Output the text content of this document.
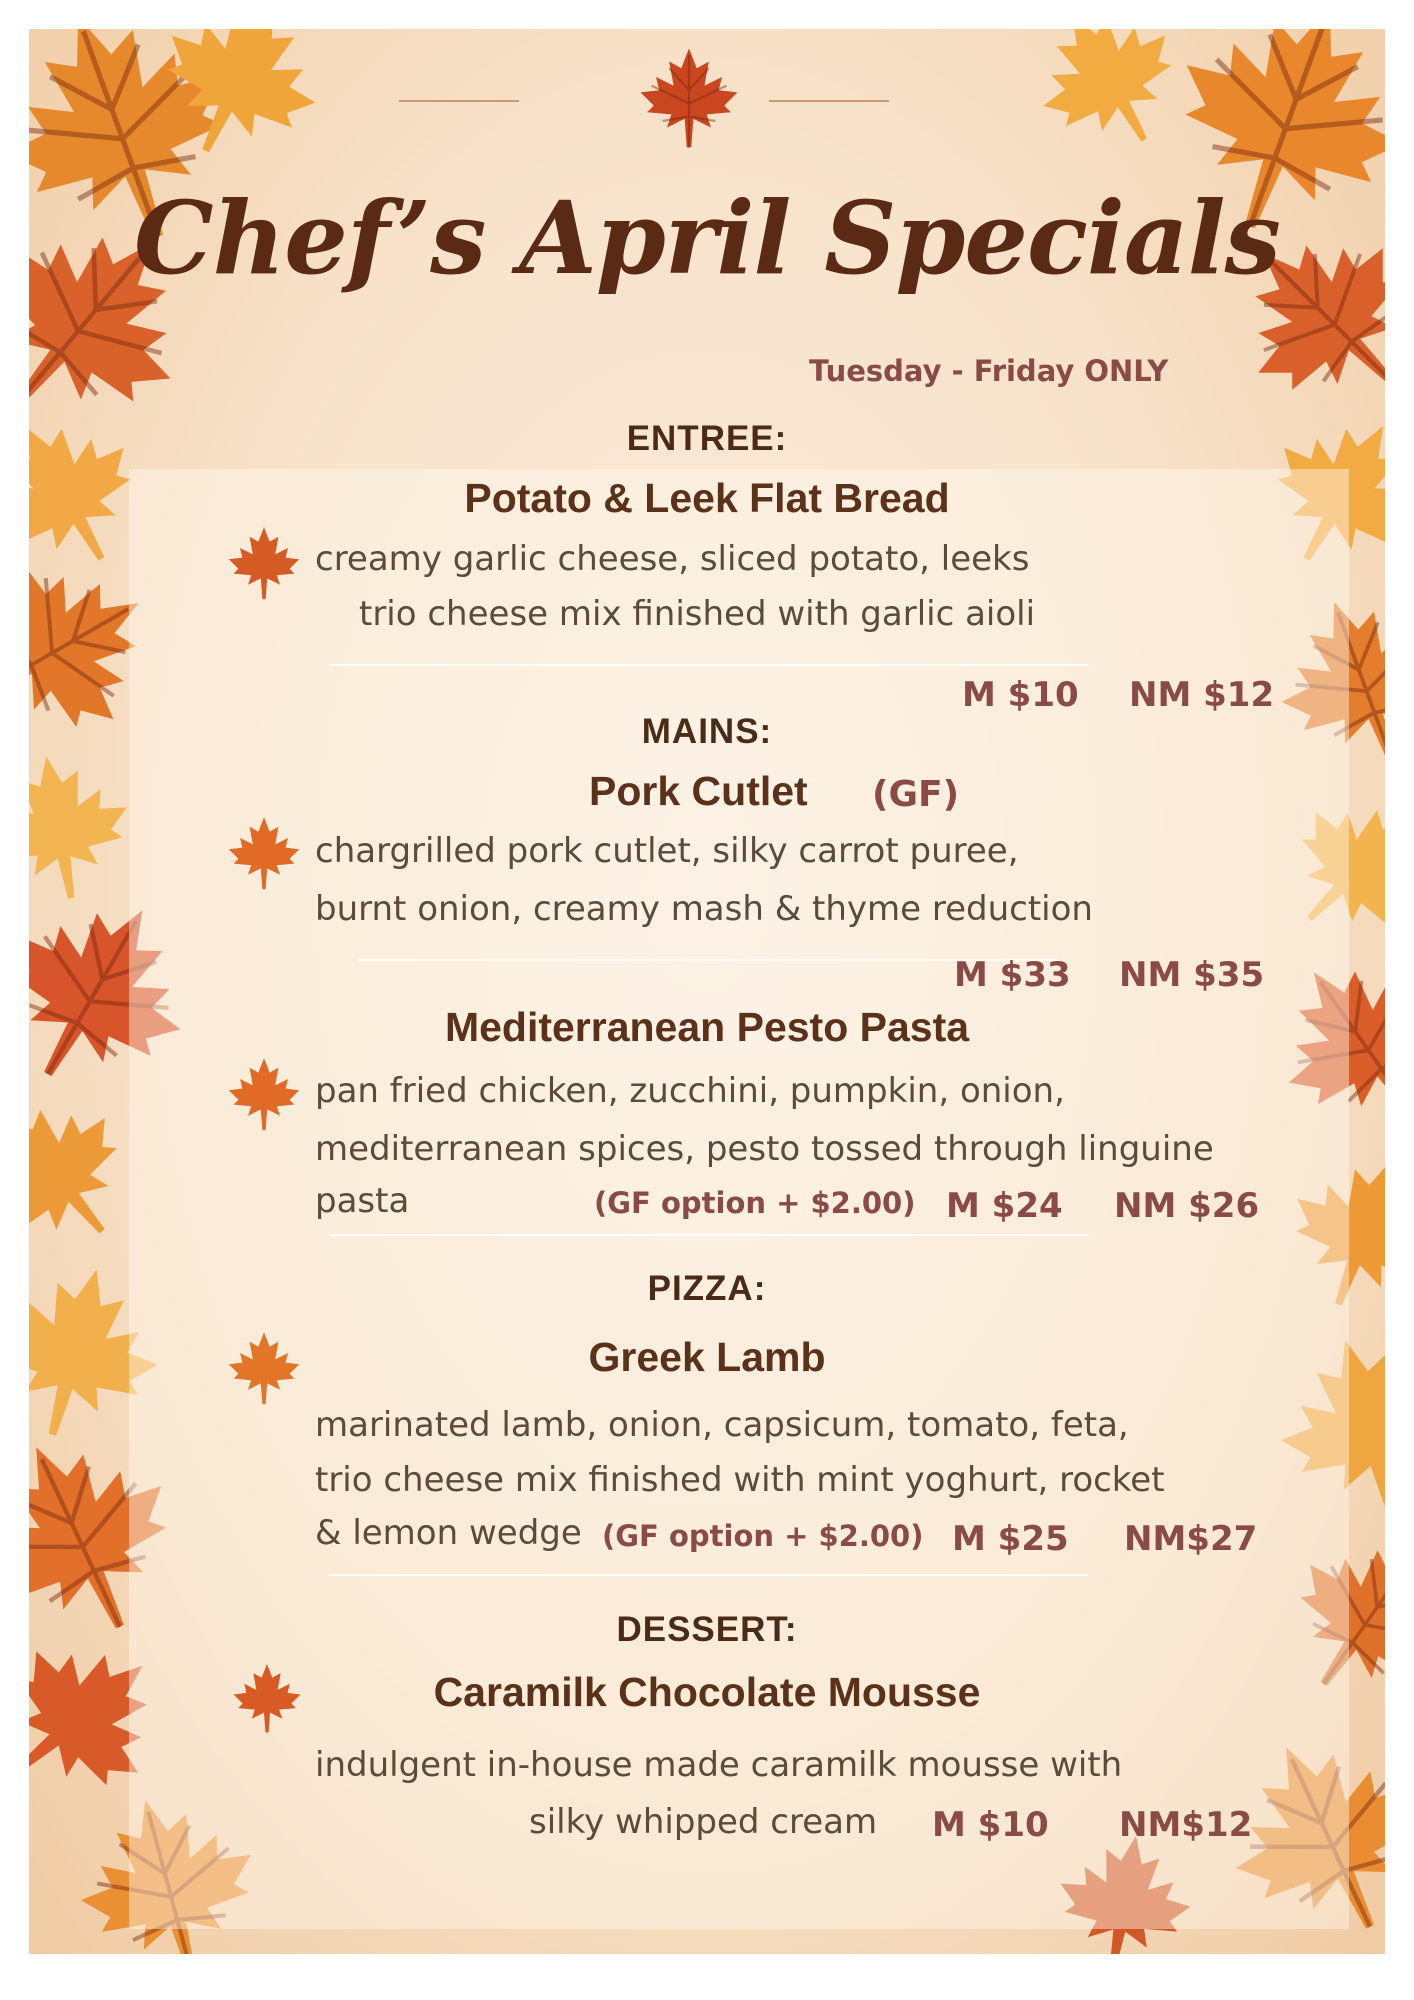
Chef’s April Specials
Tuesday - Friday ONLY
ENTREE:
Potato & Leek Flat Bread
creamy garlic cheese, sliced potato, leeks
trio cheese mix finished with garlic aioli
M $10 NM $12
MAINS:
Pork Cutlet (GF)
chargrilled pork cutlet, silky carrot puree,
burnt onion, creamy mash & thyme reduction
M $33 NM $35
Mediterranean Pesto Pasta
pan fried chicken, zucchini, pumpkin, onion,
mediterranean spices, pesto tossed through linguine
pasta	(GF option + $2.00) M $24 NM $26
PIZZA:
Greek Lamb
marinated lamb, onion, capsicum, tomato, feta,
trio cheese mix finished with mint yoghurt, rocket
& lemon wedge (GF option + $2.00) M $25 NM$27
DESSERT:
Caramilk Chocolate Mousse
indulgent in-house made caramilk mousse with
silky whipped cream M $10 NM$12
